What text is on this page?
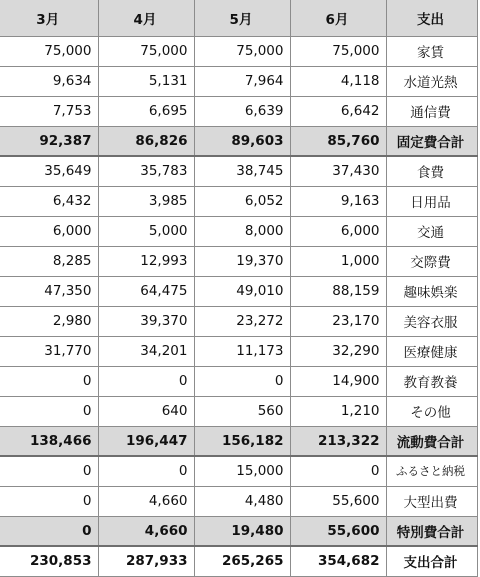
3月	4月	5月	6月	支出
75,000	75,000	75,000	75,000	家賃
9,634	5,131	7,964	4,118	水道光熱
7,753	6,695	6,639	6,642	通信費
92,387	86,826	89,603	85,760	固定費合計
35,649	35,783	38,745	37,430	食費
6,432	3,985	6,052	9,163	日用品
6,000	5,000	8,000	6,000	交通
8,285	12,993	19,370	1,000	交際費
47,350	64,475	49,010	88,159	趣味娯楽
2,980	39,370	23,272	23,170	美容衣服
31,770	34,201	11,173	32,290	医療健康
0	0	0	14,900	教育教養
0	640	560	1,210	その他
138,466	196,447	156,182	213,322	流動費合計
0	0	15,000	0	ふるさと納税
0	4,660	4,480	55,600	大型出費
0	4,660	19,480	55,600	特別費合計
230,853	287,933	265,265	354,682	支出合計
